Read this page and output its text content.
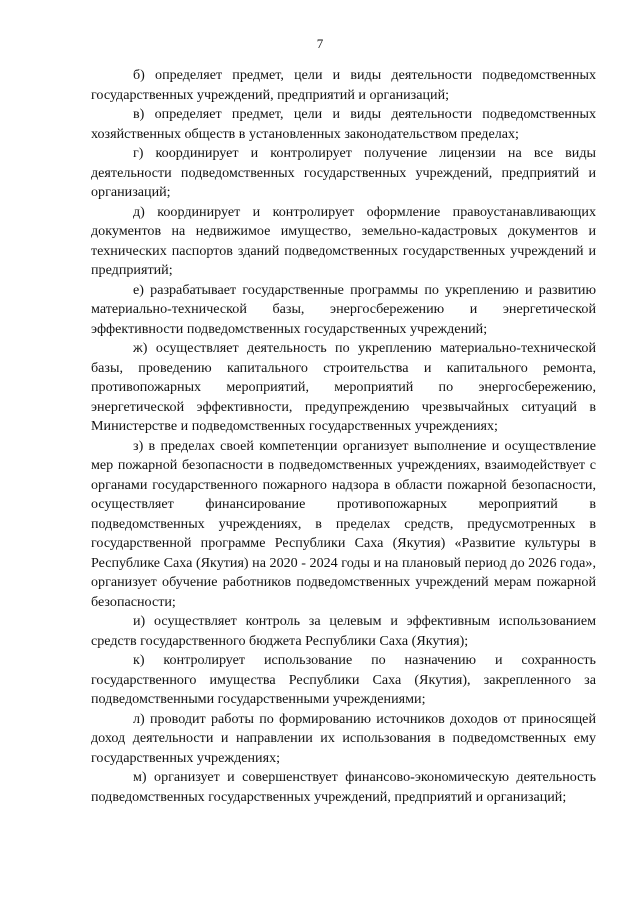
7

б) определяет предмет, цели и виды деятельности подведомственных государственных учреждений, предприятий и организаций;

в) определяет предмет, цели и виды деятельности подведомственных хозяйственных обществ в установленных законодательством пределах;

г) координирует и контролирует получение лицензии на все виды деятельности подведомственных государственных учреждений, предприятий и организаций;

д) координирует и контролирует оформление правоустанавливающих документов на недвижимое имущество, земельно-кадастровых документов и технических паспортов зданий подведомственных государственных учреждений и предприятий;

е) разрабатывает государственные программы по укреплению и развитию материально-технической базы, энергосбережению и энергетической эффективности подведомственных государственных учреждений;

ж) осуществляет деятельность по укреплению материально-технической базы, проведению капитального строительства и капитального ремонта, противопожарных мероприятий, мероприятий по энергосбережению, энергетической эффективности, предупреждению чрезвычайных ситуаций в Министерстве и подведомственных государственных учреждениях;

з) в пределах своей компетенции организует выполнение и осуществление мер пожарной безопасности в подведомственных учреждениях, взаимодействует с органами государственного пожарного надзора в области пожарной безопасности, осуществляет финансирование противопожарных мероприятий в подведомственных учреждениях, в пределах средств, предусмотренных в государственной программе Республики Саха (Якутия) «Развитие культуры в Республике Саха (Якутия) на 2020 - 2024 годы и на плановый период до 2026 года», организует обучение работников подведомственных учреждений мерам пожарной безопасности;

и) осуществляет контроль за целевым и эффективным использованием средств государственного бюджета Республики Саха (Якутия);

к) контролирует использование по назначению и сохранность государственного имущества Республики Саха (Якутия), закрепленного за подведомственными государственными учреждениями;

л) проводит работы по формированию источников доходов от приносящей доход деятельности и направлении их использования в подведомственных ему государственных учреждениях;

м) организует и совершенствует финансово-экономическую деятельность подведомственных государственных учреждений, предприятий и организаций;
